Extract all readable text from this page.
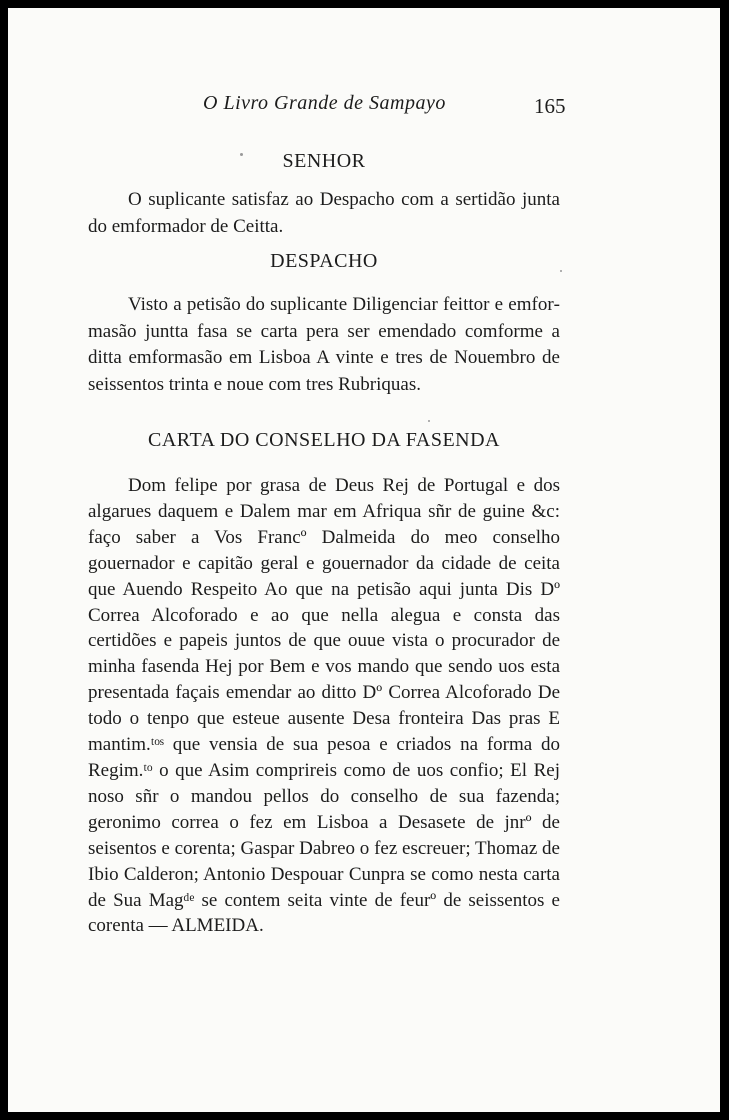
O Livro Grande de Sampayo	165
SENHOR

O suplicante satisfaz ao Despacho com a sertidão junta do emformador de Ceitta.

DESPACHO

Visto a petisão do suplicante Diligenciar feittor e emformasão juntta fasa se carta pera ser emendado comforme a ditta emformasão em Lisboa A vinte e tres de Nouembro de seissentos trinta e noue com tres Rubriquas.

CARTA DO CONSELHO DA FASENDA

Dom felipe por grasa de Deus Rej de Portugal e dos algarues daquem e Dalem mar em Afriqua sñr de guine &c: faço saber a Vos Francº Dalmeida do meo conselho gouernador e capitão geral e gouernador da cidade de ceita que Auendo Respeito Ao que na petisão aqui junta Dis Dº Correa Alcoforado e ao que nella alegua e consta das certidões e papeis juntos de que ouue vista o procurador de minha fasenda Hej por Bem e vos mando que sendo uos esta presentada façais emendar ao ditto Dº Correa Alcoforado De todo o tenpo que esteue ausente Desa fronteira Das pras E mantim.ᵗᵒˢ que vensia de sua pesoa e criados na forma do Regim.ᵗᵒ o que Asim comprireis como de uos confio; El Rej noso sñr o mandou pellos do conselho de sua fazenda; geronimo correa o fez em Lisboa a Desasete de jnrº de seisentos e corenta; Gaspar Dabreo o fez escreuer; Thomaz de Ibio Calderon; Antonio Despouar Cunpra se como nesta carta de Sua Magᵈᵉ se contem seita vinte de feurº de seissentos e corenta — ALMEIDA.
